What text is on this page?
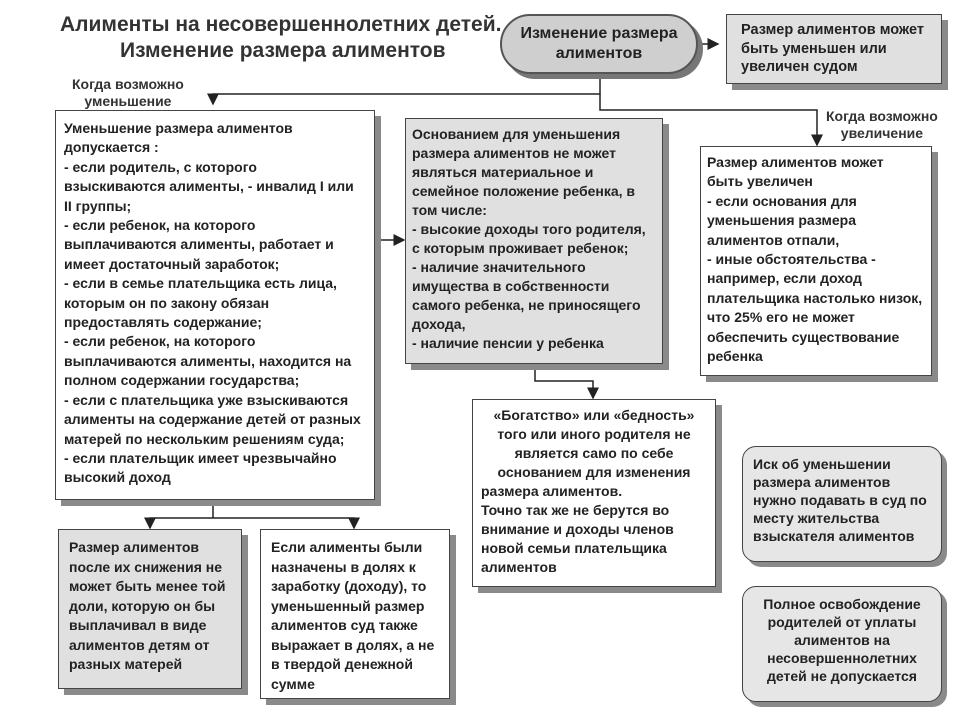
Алименты на несовершеннолетних детей.
Изменение размера алиментов
Изменение размера
алиментов
Размер алиментов может
быть уменьшен или
увеличен судом
Когда возможно
уменьшение
Когда возможно
увеличение
Уменьшение размера алиментов
допускается :
- если родитель, с которого
взыскиваются алименты, - инвалид I или
II группы;
- если ребенок, на которого
выплачиваются алименты, работает и
имеет достаточный заработок;
- если в семье плательщика есть лица,
которым он по закону обязан
предоставлять содержание;
- если ребенок, на которого
выплачиваются алименты, находится на
полном содержании государства;
- если с плательщика уже взыскиваются
алименты на содержание детей от разных
матерей по нескольким решениям суда;
- если плательщик имеет чрезвычайно
высокий доход
Основанием для уменьшения
размера алиментов не может
являться материальное и
семейное положение ребенка, в
том числе:
- высокие доходы того родителя,
с которым проживает ребенок;
- наличие значительного
имущества в собственности
самого ребенка, не приносящего
дохода,
- наличие пенсии у ребенка
Размер алиментов может
быть увеличен
- если основания для
уменьшения размера
алиментов отпали,
- иные обстоятельства -
например, если доход
плательщика настолько низок,
что 25% его не может
обеспечить существование
ребенка
«Богатство» или «бедность»
того или иного родителя не
является само по себе
основанием для изменения
размера алиментов.
Точно так же не берутся во
внимание и доходы членов
новой семьи плательщика
алиментов
Иск об уменьшении
размера алиментов
нужно подавать в суд по
месту жительства
взыскателя алиментов
Полное освобождение
родителей от уплаты
алиментов на
несовершеннолетних
детей не допускается
Размер алиментов
после их снижения не
может быть менее той
доли, которую он бы
выплачивал в виде
алиментов детям от
разных матерей
Если алименты были
назначены в долях к
заработку (доходу), то
уменьшенный размер
алиментов суд также
выражает в долях, а не
в твердой денежной
сумме
